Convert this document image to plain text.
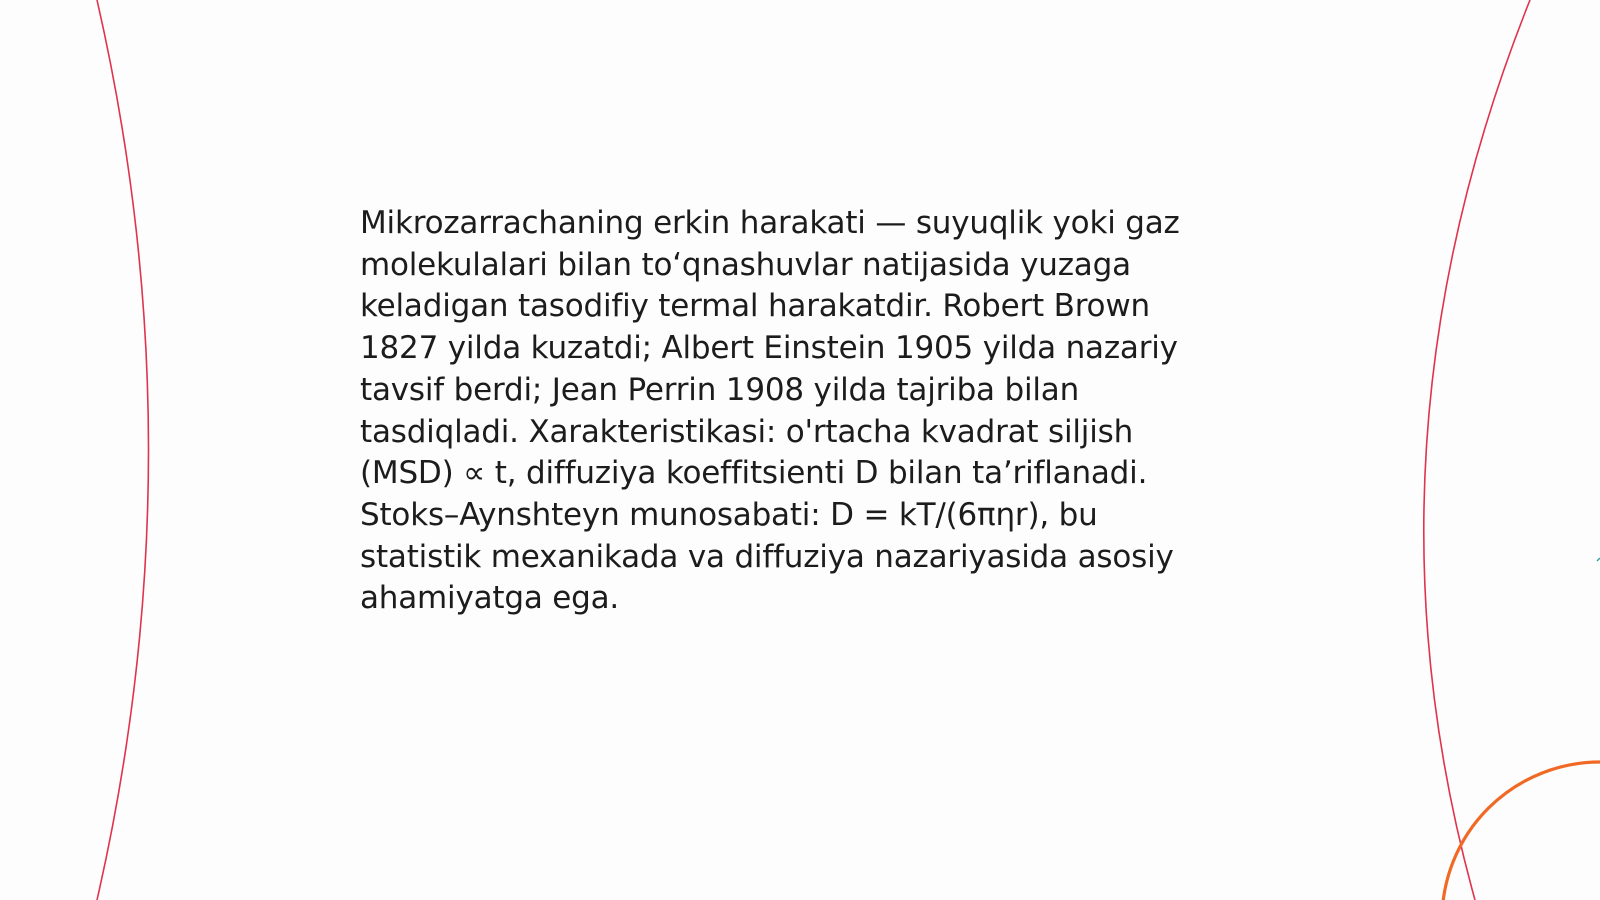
Mikrozarrachaning erkin harakati — suyuqlik yoki gaz
molekulalari bilan toʻqnashuvlar natijasida yuzaga
keladigan tasodifiy termal harakatdir. Robert Brown
1827 yilda kuzatdi; Albert Einstein 1905 yilda nazariy
tavsif berdi; Jean Perrin 1908 yilda tajriba bilan
tasdiqladi. Xarakteristikasi: o'rtacha kvadrat siljish
(MSD) ∝ t, diffuziya koeffitsienti D bilan ta’riflanadi.
Stoks–Aynshteyn munosabati: D = kT/(6πηr), bu
statistik mexanikada va diffuziya nazariyasida asosiy
ahamiyatga ega.
